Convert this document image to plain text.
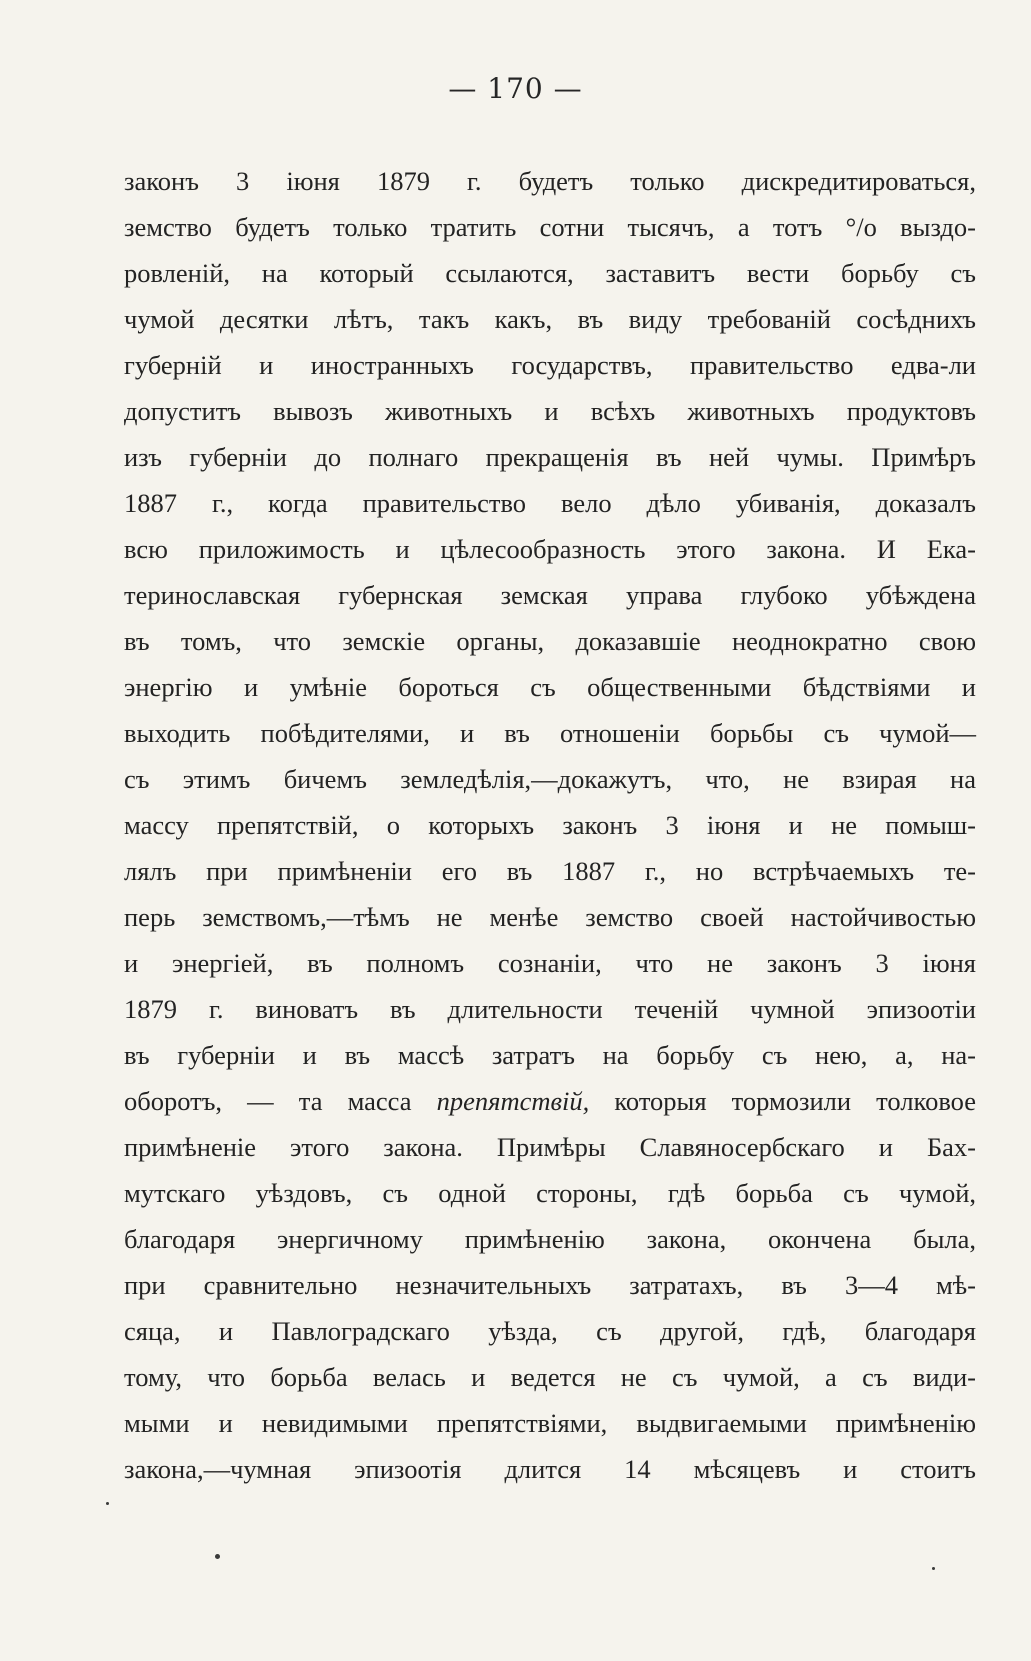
— 170 —
законъ 3 іюня 1879 г. будетъ только дискредитироваться,
земство будетъ только тратить сотни тысячъ, а тотъ °/о выздо-
ровленій, на который ссылаются, заставитъ вести борьбу съ
чумой десятки лѣтъ, такъ какъ, въ виду требованій сосѣднихъ
губерній и иностранныхъ государствъ, правительство едва-ли
допуститъ вывозъ животныхъ и всѣхъ животныхъ продуктовъ
изъ губерніи до полнаго прекращенія въ ней чумы. Примѣръ
1887 г., когда правительство вело дѣло убиванія, доказалъ
всю приложимость и цѣлесообразность этого закона. И Ека-
теринославская губернская земская управа глубоко убѣждена
въ томъ, что земскіе органы, доказавшіе неоднократно свою
энергію и умѣніе бороться съ общественными бѣдствіями и
выходить побѣдителями, и въ отношеніи борьбы съ чумой—
съ этимъ бичемъ земледѣлія,—докажутъ, что, не взирая на
массу препятствій, о которыхъ законъ 3 іюня и не помыш-
лялъ при примѣненіи его въ 1887 г., но встрѣчаемыхъ те-
перь земствомъ,—тѣмъ не менѣе земство своей настойчивостью
и энергіей, въ полномъ сознаніи, что не законъ 3 іюня
1879 г. виноватъ въ длительности теченій чумной эпизоотіи
въ губерніи и въ массѣ затратъ на борьбу съ нею, а, на-
оборотъ, — та масса препятствій, которыя тормозили толковое
примѣненіе этого закона. Примѣры Славяносербскаго и Бах-
мутскаго уѣздовъ, съ одной стороны, гдѣ борьба съ чумой,
благодаря энергичному примѣненію закона, окончена была,
при сравнительно незначительныхъ затратахъ, въ 3—4 мѣ-
сяца, и Павлоградскаго уѣзда, съ другой, гдѣ, благодаря
тому, что борьба велась и ведется не съ чумой, а съ види-
мыми и невидимыми препятствіями, выдвигаемыми примѣненію
закона,—чумная эпизоотія длится 14 мѣсяцевъ и стоитъ
